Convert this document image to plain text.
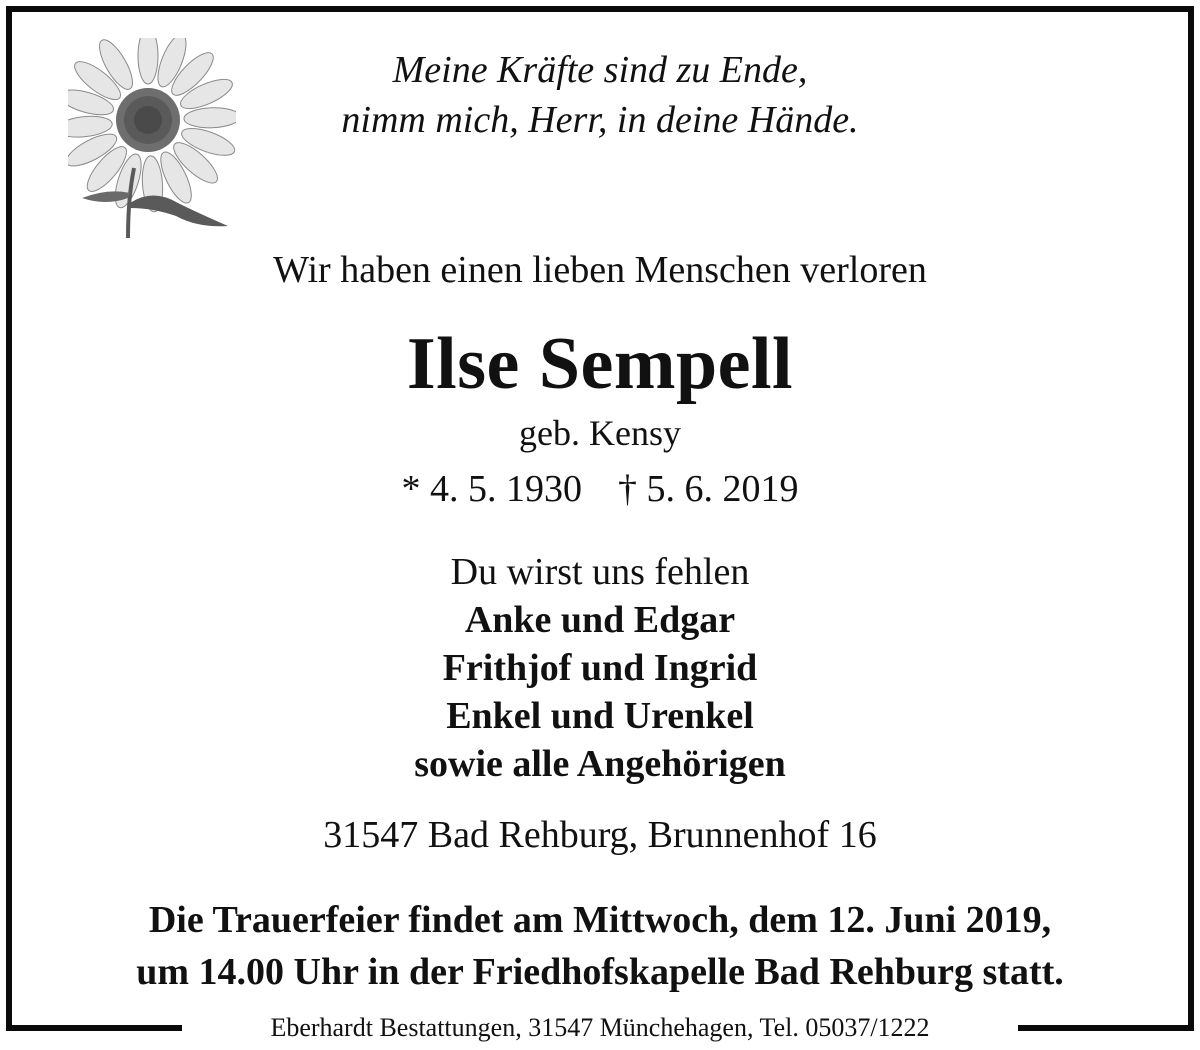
Meine Kräfte sind zu Ende,
nimm mich, Herr, in deine Hände.
Wir haben einen lieben Menschen verloren
Ilse Sempell
geb. Kensy
* 4. 5. 1930 † 5. 6. 2019
Du wirst uns fehlen
Anke und Edgar
Frithjof und Ingrid
Enkel und Urenkel
sowie alle Angehörigen
31547 Bad Rehburg, Brunnenhof 16
Die Trauerfeier findet am Mittwoch, dem 12. Juni 2019,
um 14.00 Uhr in der Friedhofskapelle Bad Rehburg statt.
Eberhardt Bestattungen, 31547 Münchehagen, Tel. 05037/1222
